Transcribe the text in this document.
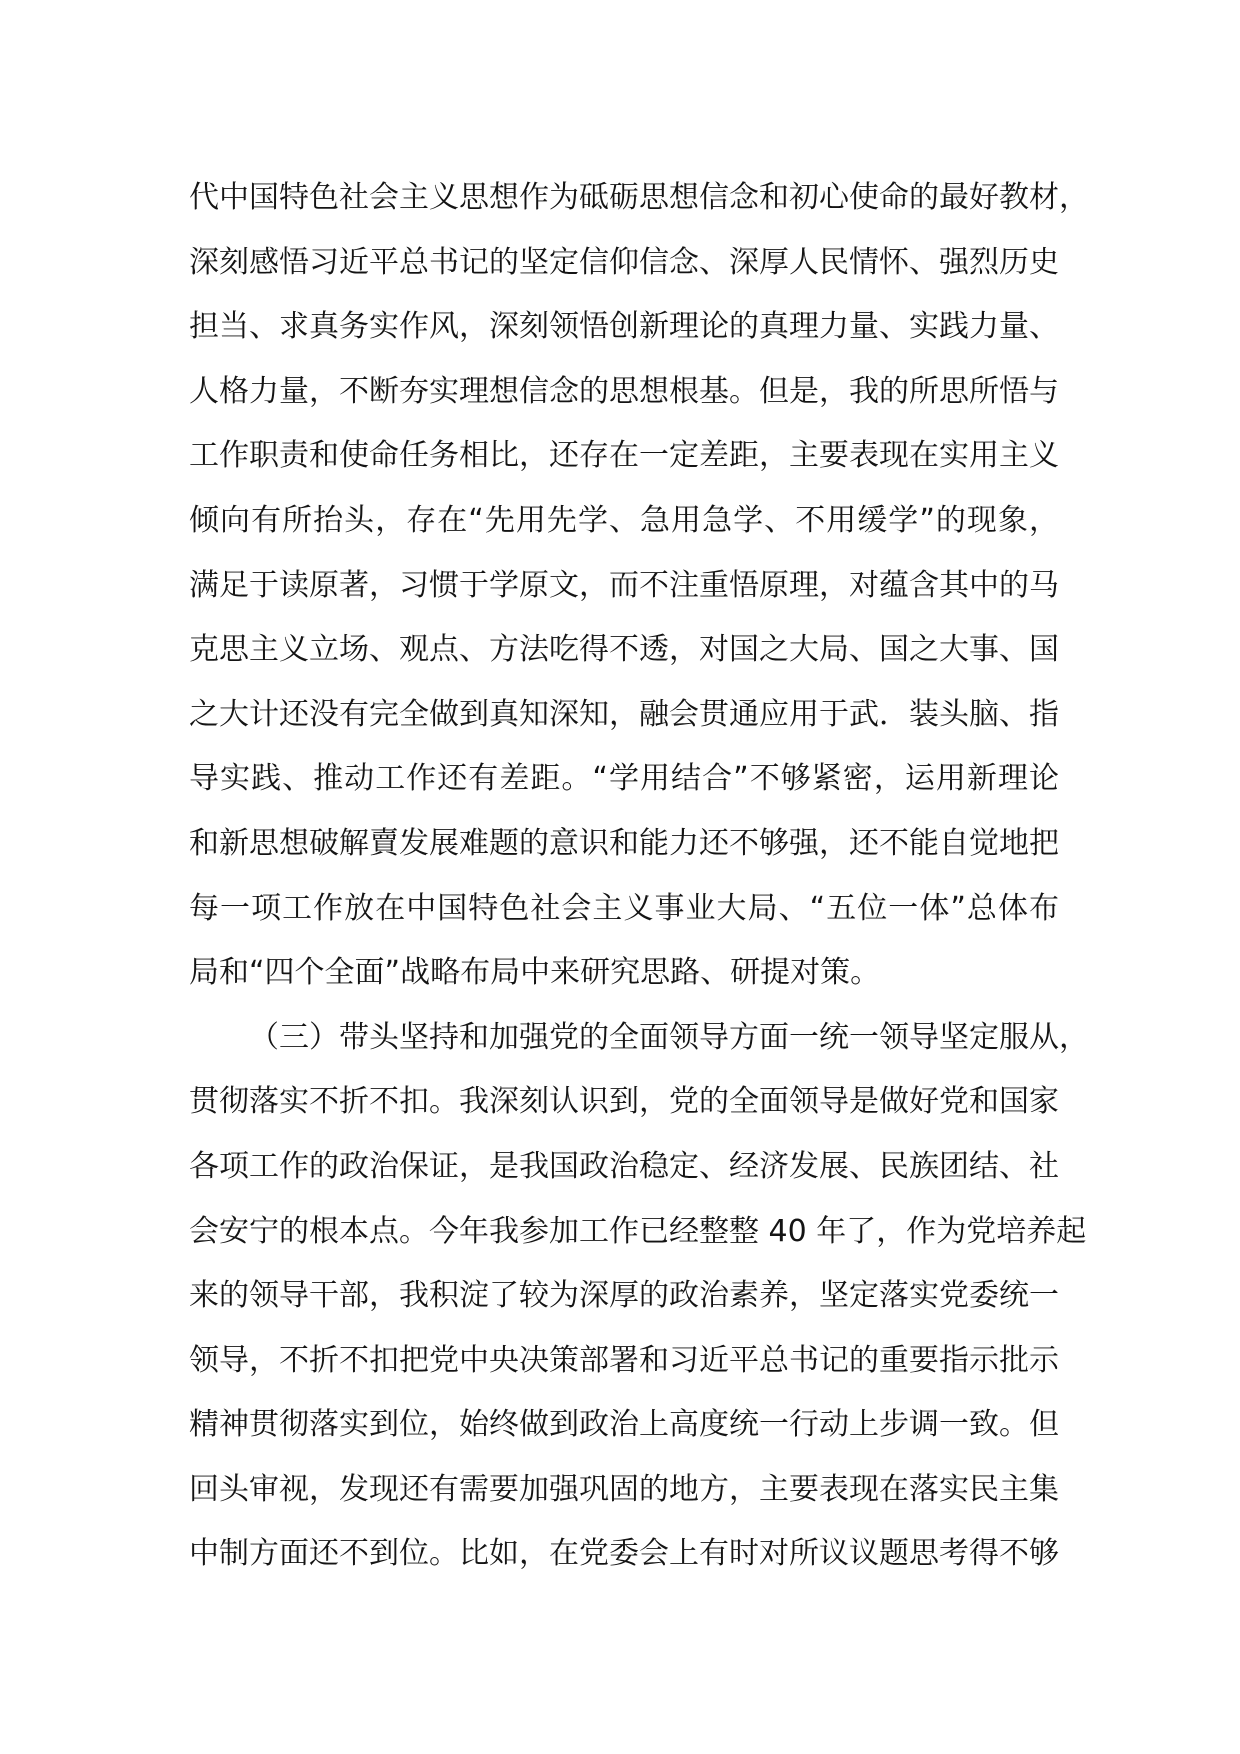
代中国特色社会主义思想作为砥砺思想信念和初心使命的最好教材，
深刻感悟习近平总书记的坚定信仰信念、深厚人民情怀、强烈历史
担当、求真务实作风，深刻领悟创新理论的真理力量、实践力量、
人格力量，不断夯实理想信念的思想根基。但是，我的所思所悟与
工作职责和使命任务相比，还存在一定差距，主要表现在实用主义
倾向有所抬头，存在“先用先学、急用急学、不用缓学”的现象，
满足于读原著，习惯于学原文，而不注重悟原理，对蕴含其中的马
克思主义立场、观点、方法吃得不透，对国之大局、国之大事、国
之大计还没有完全做到真知深知，融会贯通应用于武．装头脑、指
导实践、推动工作还有差距。“学用结合”不够紧密，运用新理论
和新思想破解賣发展难题的意识和能力还不够强，还不能自觉地把
每一项工作放在中国特色社会主义事业大局、“五位一体”总体布
局和“四个全面”战略布局中来研究思路、研提对策。
（三）带头坚持和加强党的全面领导方面一统一领导坚定服从，
贯彻落实不折不扣。我深刻认识到，党的全面领导是做好党和国家
各项工作的政治保证，是我国政治稳定、经济发展、民族团结、社
会安宁的根本点。今年我参加工作已经整整 40 年了，作为党培养起
来的领导干部，我积淀了较为深厚的政治素养，坚定落实党委统一
领导，不折不扣把党中央决策部署和习近平总书记的重要指示批示
精神贯彻落实到位，始终做到政治上高度统一行动上步调一致。但
回头审视，发现还有需要加强巩固的地方，主要表现在落实民主集
中制方面还不到位。比如，在党委会上有时对所议议题思考得不够
